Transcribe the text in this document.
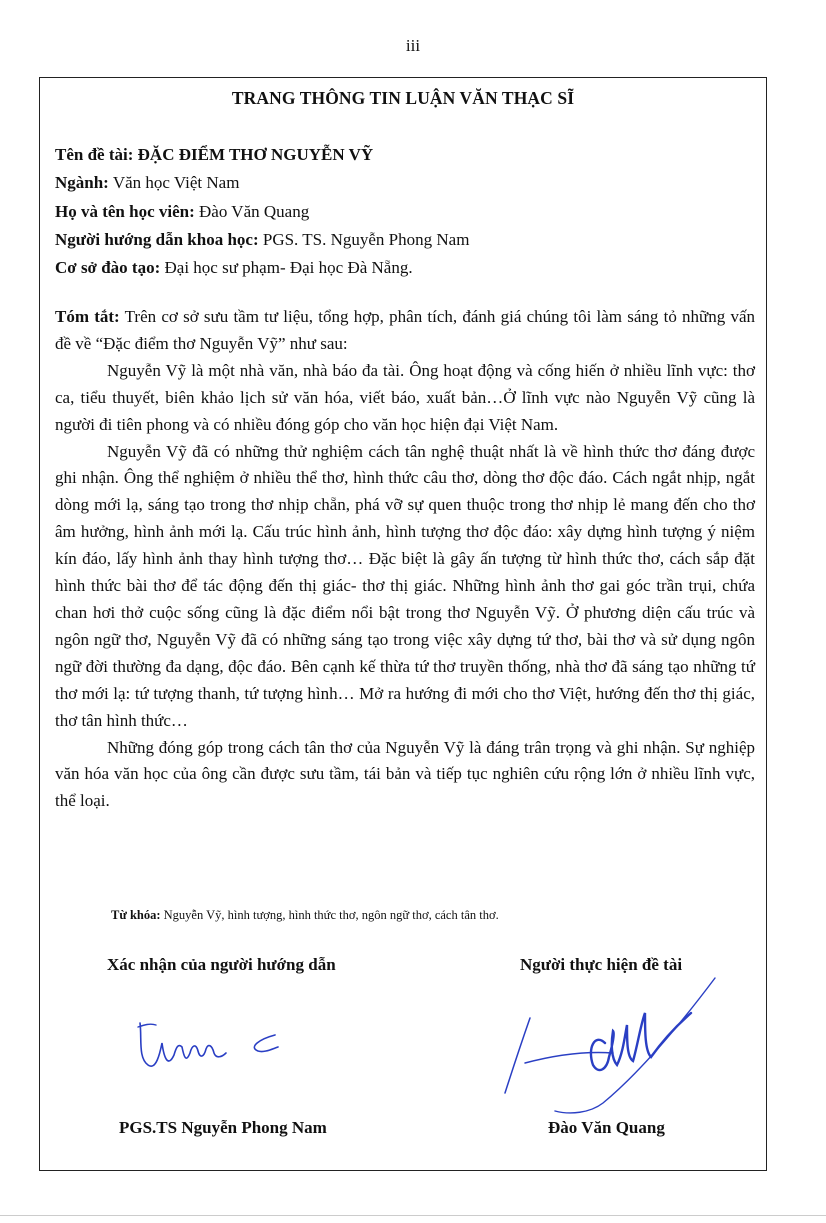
iii
TRANG THÔNG TIN LUẬN VĂN THẠC SĨ
Tên đề tài: ĐẶC ĐIỂM THƠ NGUYỄN VỸ
Ngành: Văn học Việt Nam
Họ và tên học viên: Đào Văn Quang
Người hướng dẫn khoa học: PGS. TS. Nguyễn Phong Nam
Cơ sở đào tạo: Đại học sư phạm- Đại học Đà Nẵng.

Tóm tắt: Trên cơ sở sưu tầm tư liệu, tổng hợp, phân tích, đánh giá chúng tôi làm sáng tỏ những vấn đề về “Đặc điểm thơ Nguyễn Vỹ” như sau:

Nguyễn Vỹ là một nhà văn, nhà báo đa tài. Ông hoạt động và cống hiến ở nhiều lĩnh vực: thơ ca, tiểu thuyết, biên khảo lịch sử văn hóa, viết báo, xuất bản…Ở lĩnh vực nào Nguyễn Vỹ cũng là người đi tiên phong và có nhiều đóng góp cho văn học hiện đại Việt Nam.

Nguyễn Vỹ đã có những thử nghiệm cách tân nghệ thuật nhất là về hình thức thơ đáng được ghi nhận. Ông thể nghiệm ở nhiều thể thơ, hình thức câu thơ, dòng thơ độc đáo. Cách ngắt nhịp, ngắt dòng mới lạ, sáng tạo trong thơ nhịp chẵn, phá vỡ sự quen thuộc trong thơ nhịp lẻ mang đến cho thơ âm hưởng, hình ảnh mới lạ. Cấu trúc hình ảnh, hình tượng thơ độc đáo: xây dựng hình tượng ý niệm kín đáo, lấy hình ảnh thay hình tượng thơ… Đặc biệt là gây ấn tượng từ hình thức thơ, cách sắp đặt hình thức bài thơ để tác động đến thị giác- thơ thị giác. Những hình ảnh thơ gai góc trần trụi, chứa chan hơi thở cuộc sống cũng là đặc điểm nổi bật trong thơ Nguyễn Vỹ. Ở phương diện cấu trúc và ngôn ngữ thơ, Nguyễn Vỹ đã có những sáng tạo trong việc xây dựng tứ thơ, bài thơ và sử dụng ngôn ngữ đời thường đa dạng, độc đáo. Bên cạnh kế thừa tứ thơ truyền thống, nhà thơ đã sáng tạo những tứ thơ mới lạ: tứ tượng thanh, tứ tượng hình… Mở ra hướng đi mới cho thơ Việt, hướng đến thơ thị giác, thơ tân hình thức…

Những đóng góp trong cách tân thơ của Nguyễn Vỹ là đáng trân trọng và ghi nhận. Sự nghiệp văn hóa văn học của ông cần được sưu tầm, tái bản và tiếp tục nghiên cứu rộng lớn ở nhiều lĩnh vực, thể loại.

Từ khóa: Nguyễn Vỹ, hình tượng, hình thức thơ, ngôn ngữ thơ, cách tân thơ.
Xác nhận của người hướng dẫn	Người thực hiện đề tài
PGS.TS Nguyễn Phong Nam	Đào Văn Quang
